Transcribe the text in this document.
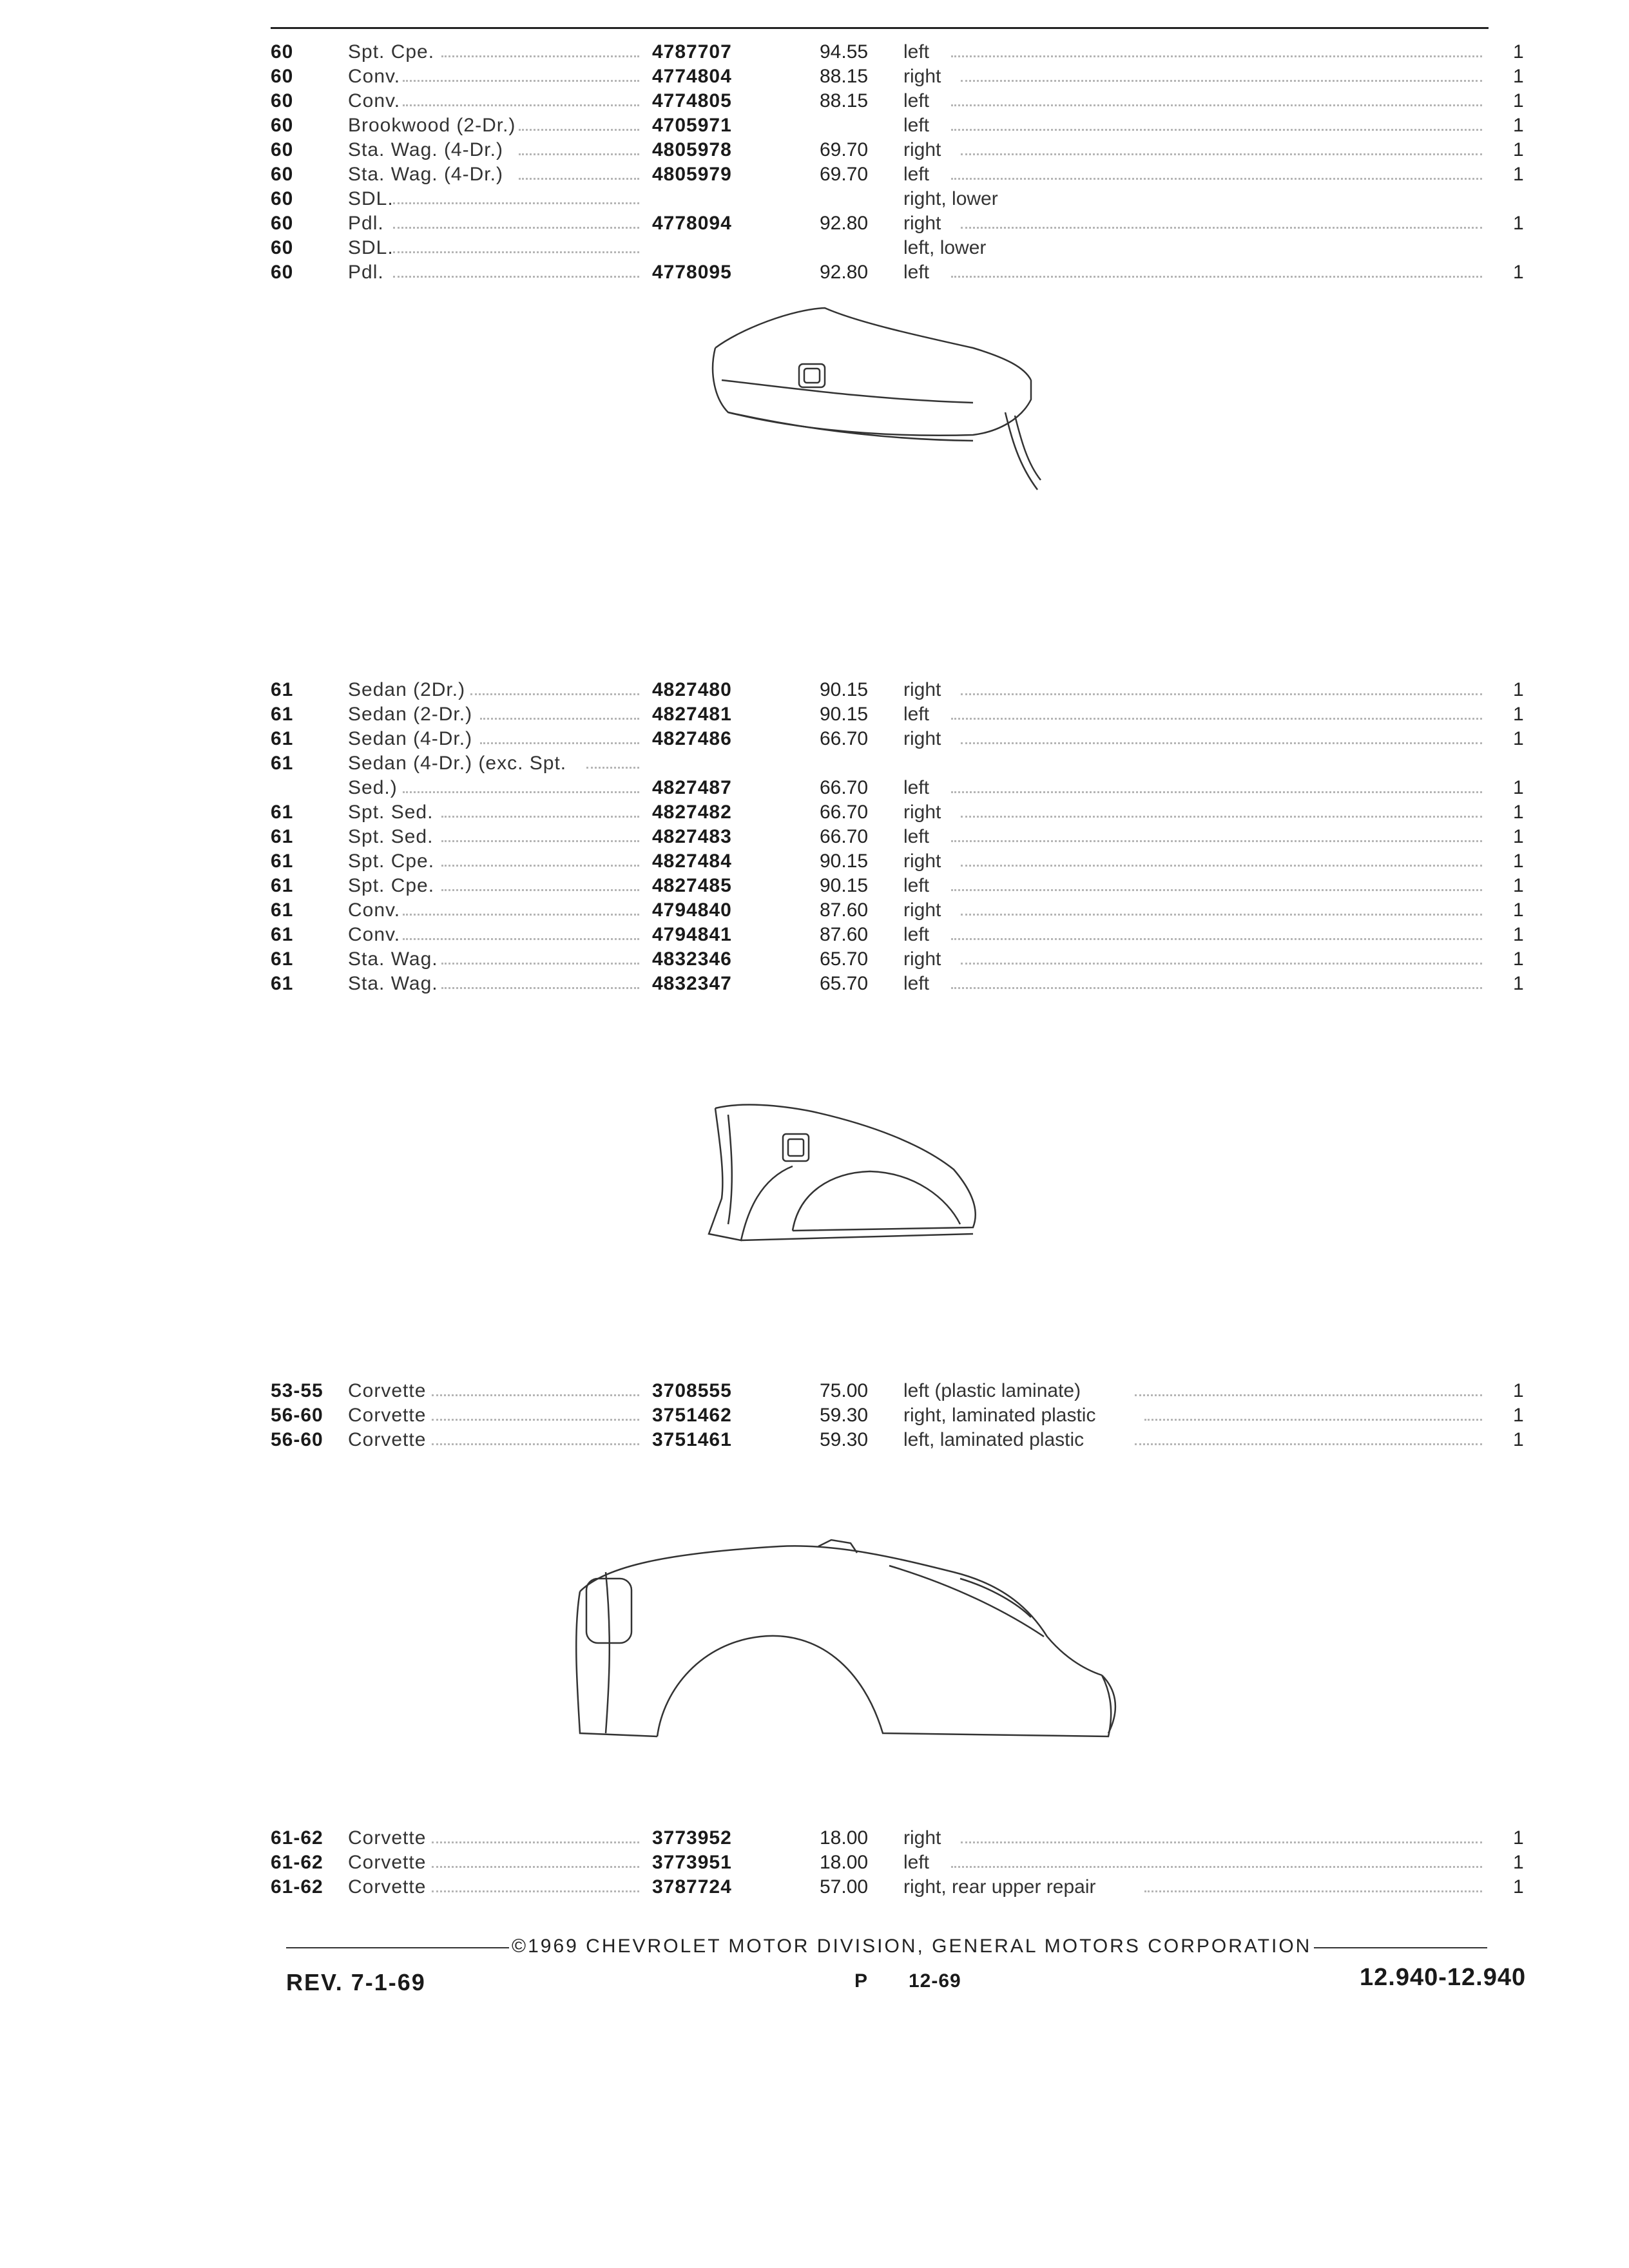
60	Spt. Cpe.	4787707	94.55 left	1
60	Conv.	4774804	88.15 right	1
60	Conv.	4774805	88.15 left	1
60	Brookwood (2-Dr.)	4705971	left	1
60	Sta. Wag. (4-Dr.)	4805978	69.70 right	1
60	Sta. Wag. (4-Dr.)	4805979	69.70 left	1
60	SDL.	right, lower
60	Pdl.	4778094	92.80 right	1
60	SDL.	left, lower
60	Pdl.	4778095	92.80 left	1
61	Sedan (2Dr.)	4827480	90.15 right	1
61	Sedan (2-Dr.)	4827481	90.15 left	1
61	Sedan (4-Dr.)	4827486	66.70 right	1
61	Sedan (4-Dr.) (exc. Spt.
Sed.)	4827487	66.70 left	1
61	Spt. Sed.	4827482	66.70 right	1
61	Spt. Sed.	4827483	66.70 left	1
61	Spt. Cpe.	4827484	90.15 right	1
61	Spt. Cpe.	4827485	90.15 left	1
61	Conv.	4794840	87.60 right	1
61	Conv.	4794841	87.60 left	1
61	Sta. Wag.	4832346	65.70 right	1
61	Sta. Wag.	4832347	65.70 left	1
53-55 Corvette	3708555	75.00 left (plastic laminate)	1
56-60 Corvette	3751462	59.30 right, laminated plastic	1
56-60 Corvette	3751461	59.30 left, laminated plastic	1
61-62 Corvette	3773952	18.00 right	1
61-62 Corvette	3773951	18.00 left	1
61-62 Corvette	3787724	57.00 right, rear upper repair	1
©1969 CHEVROLET MOTOR DIVISION, GENERAL MOTORS CORPORATION
REV. 7-1-69	P 12-69	12.940-12.940
